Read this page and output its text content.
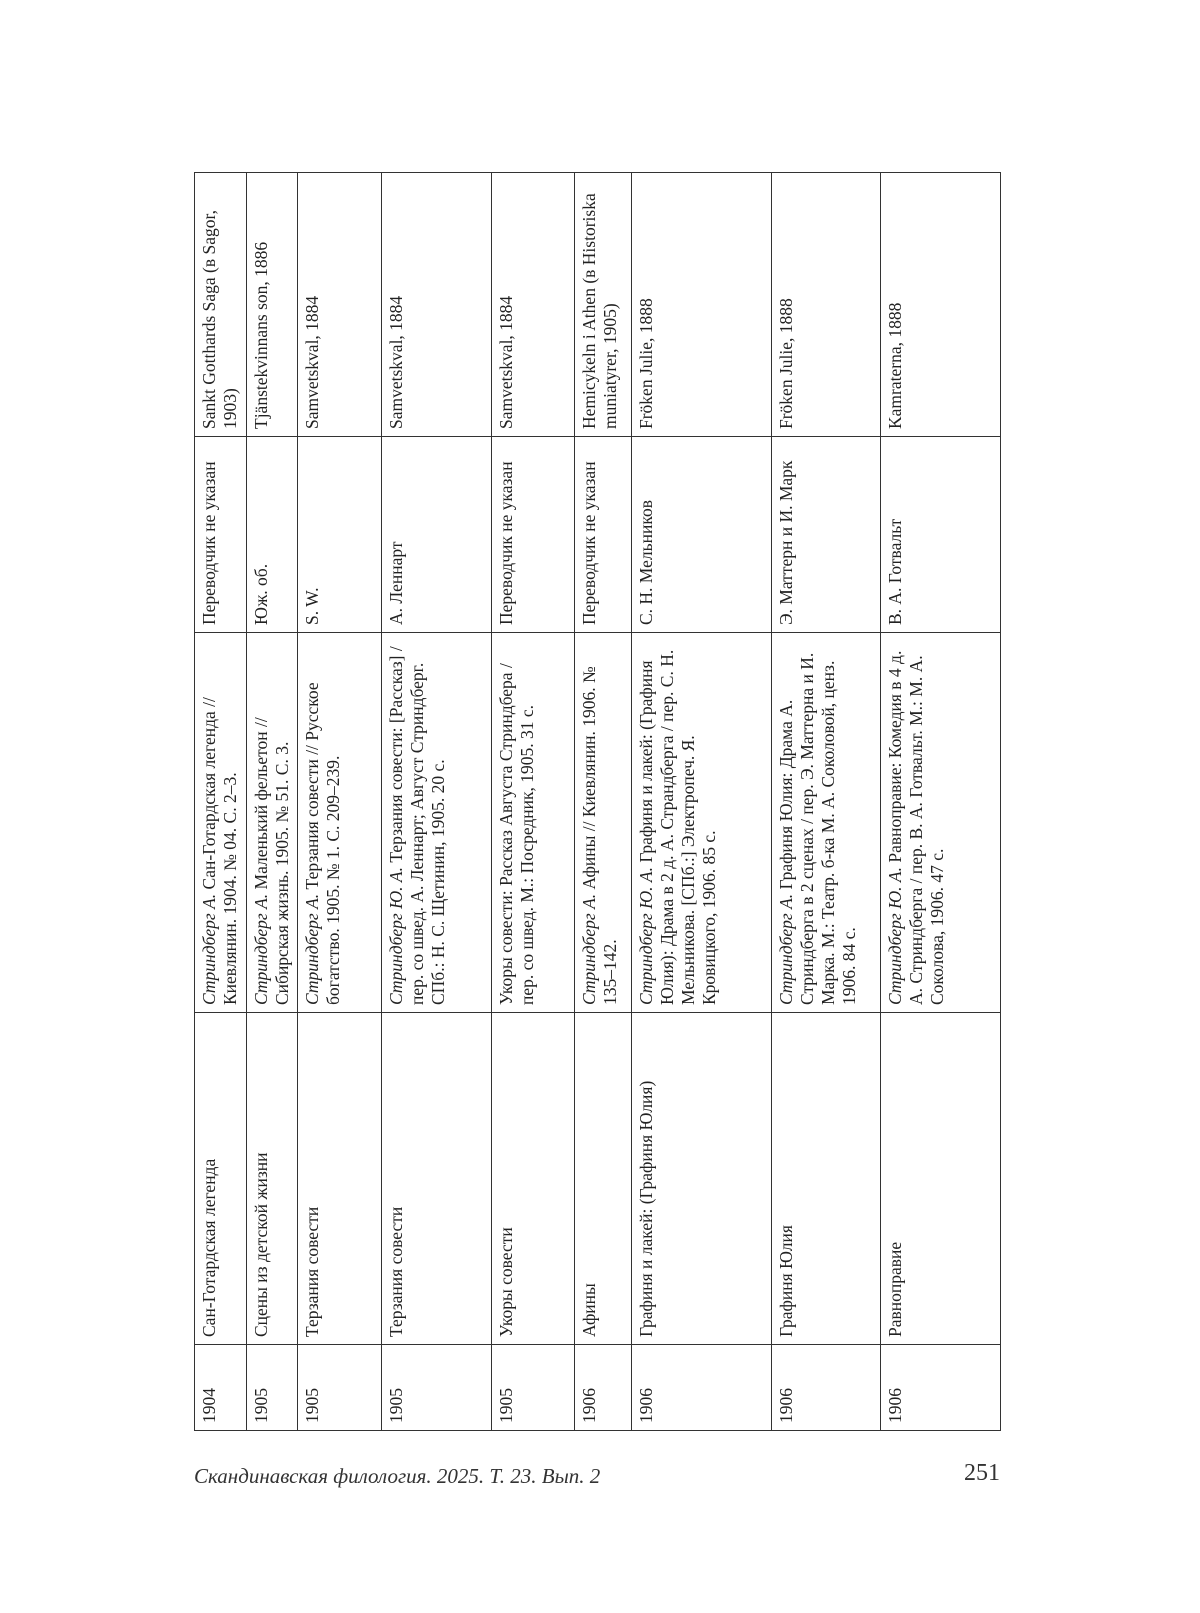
1904	Сан-Готардская легенда	Стриндберг А. Сан-Готардская легенда // Киевлянин. 1904. № 04. С. 2–3.	Переводчик не указан	Sankt Gotthards Saga (в Sagor, 1903)
1905	Сцены из детской жизни	Стриндберг А. Маленький фельетон // Сибирская жизнь. 1905. № 51. С. 3.	Юж. об.	Tjänstekvinnans son, 1886
1905	Терзания совести	Стриндберг А. Терзания совести // Русское богатство. 1905. № 1. С. 209–239.	S. W.	Samvetskval, 1884
1905	Терзания совести	Стриндберг Ю. А. Терзания совести: [Рассказ] / пер. со швед. А. Леннарт; Август Стриндберг. СПб.: Н. С. Щетинин, 1905. 20 с.	А. Леннарт	Samvetskval, 1884
1905	Укоры совести	Укоры совести: Рассказ Августа Стриндбера / пер. со швед. М.: Посредник, 1905. 31 с.	Переводчик не указан	Samvetskval, 1884
1906	Афины	Стриндберг А. Афины // Киевлянин. 1906. № 135–142.	Переводчик не указан	Hemicykeln i Athen (в Historiska muniatyrer, 1905)
1906	Графиня и лакей: (Графиня Юлия)	Стриндберг Ю. А. Графиня и лакей: (Графиня Юлия): Драма в 2 д. А. Страндберга / пер. С. Н. Мельникова. [СПб.:] Электропеч. Я. Кровицкого, 1906. 85 с.	С. Н. Мельников	Fröken Julie, 1888
1906	Графиня Юлия	Стриндберг А. Графиня Юлия: Драма А. Стриндберга в 2 сценах / пер. Э. Маттерна и И. Марка. М.: Театр. б-ка М. А. Соколовой, ценз. 1906. 84 с.	Э. Маттерн и И. Марк	Fröken Julie, 1888
1906	Равноправие	Стриндберг Ю. А. Равноправие: Комедия в 4 д. А. Стриндберга / пер. В. А. Готвальт. М.: М. А. Соколова, 1906. 47 с.	В. А. Готвальт	Kamraterna, 1888
Скандинавская филология. 2025. Т. 23. Вып. 2	251
